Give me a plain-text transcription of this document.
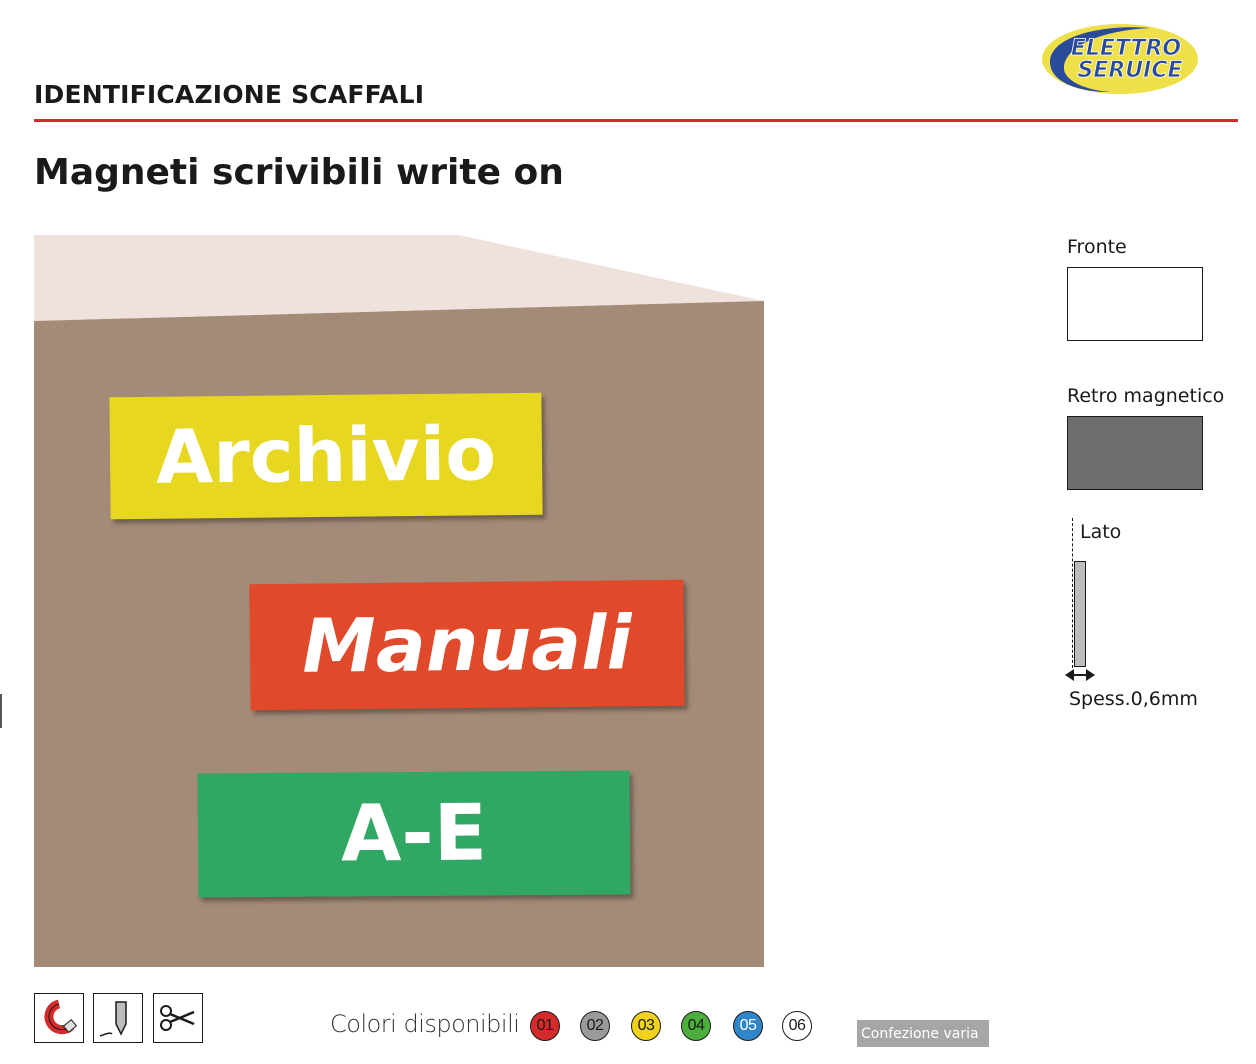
IDENTIFICAZIONE SCAFFALI
ELETTRO
SERUICE
Magneti scrivibili write on
Archivio
Manuali
A-E
Fronte
Retro magnetico
Lato
Spess.0,6mm
Colori disponibili	01	02	03	04	05	06	Confezione varia
